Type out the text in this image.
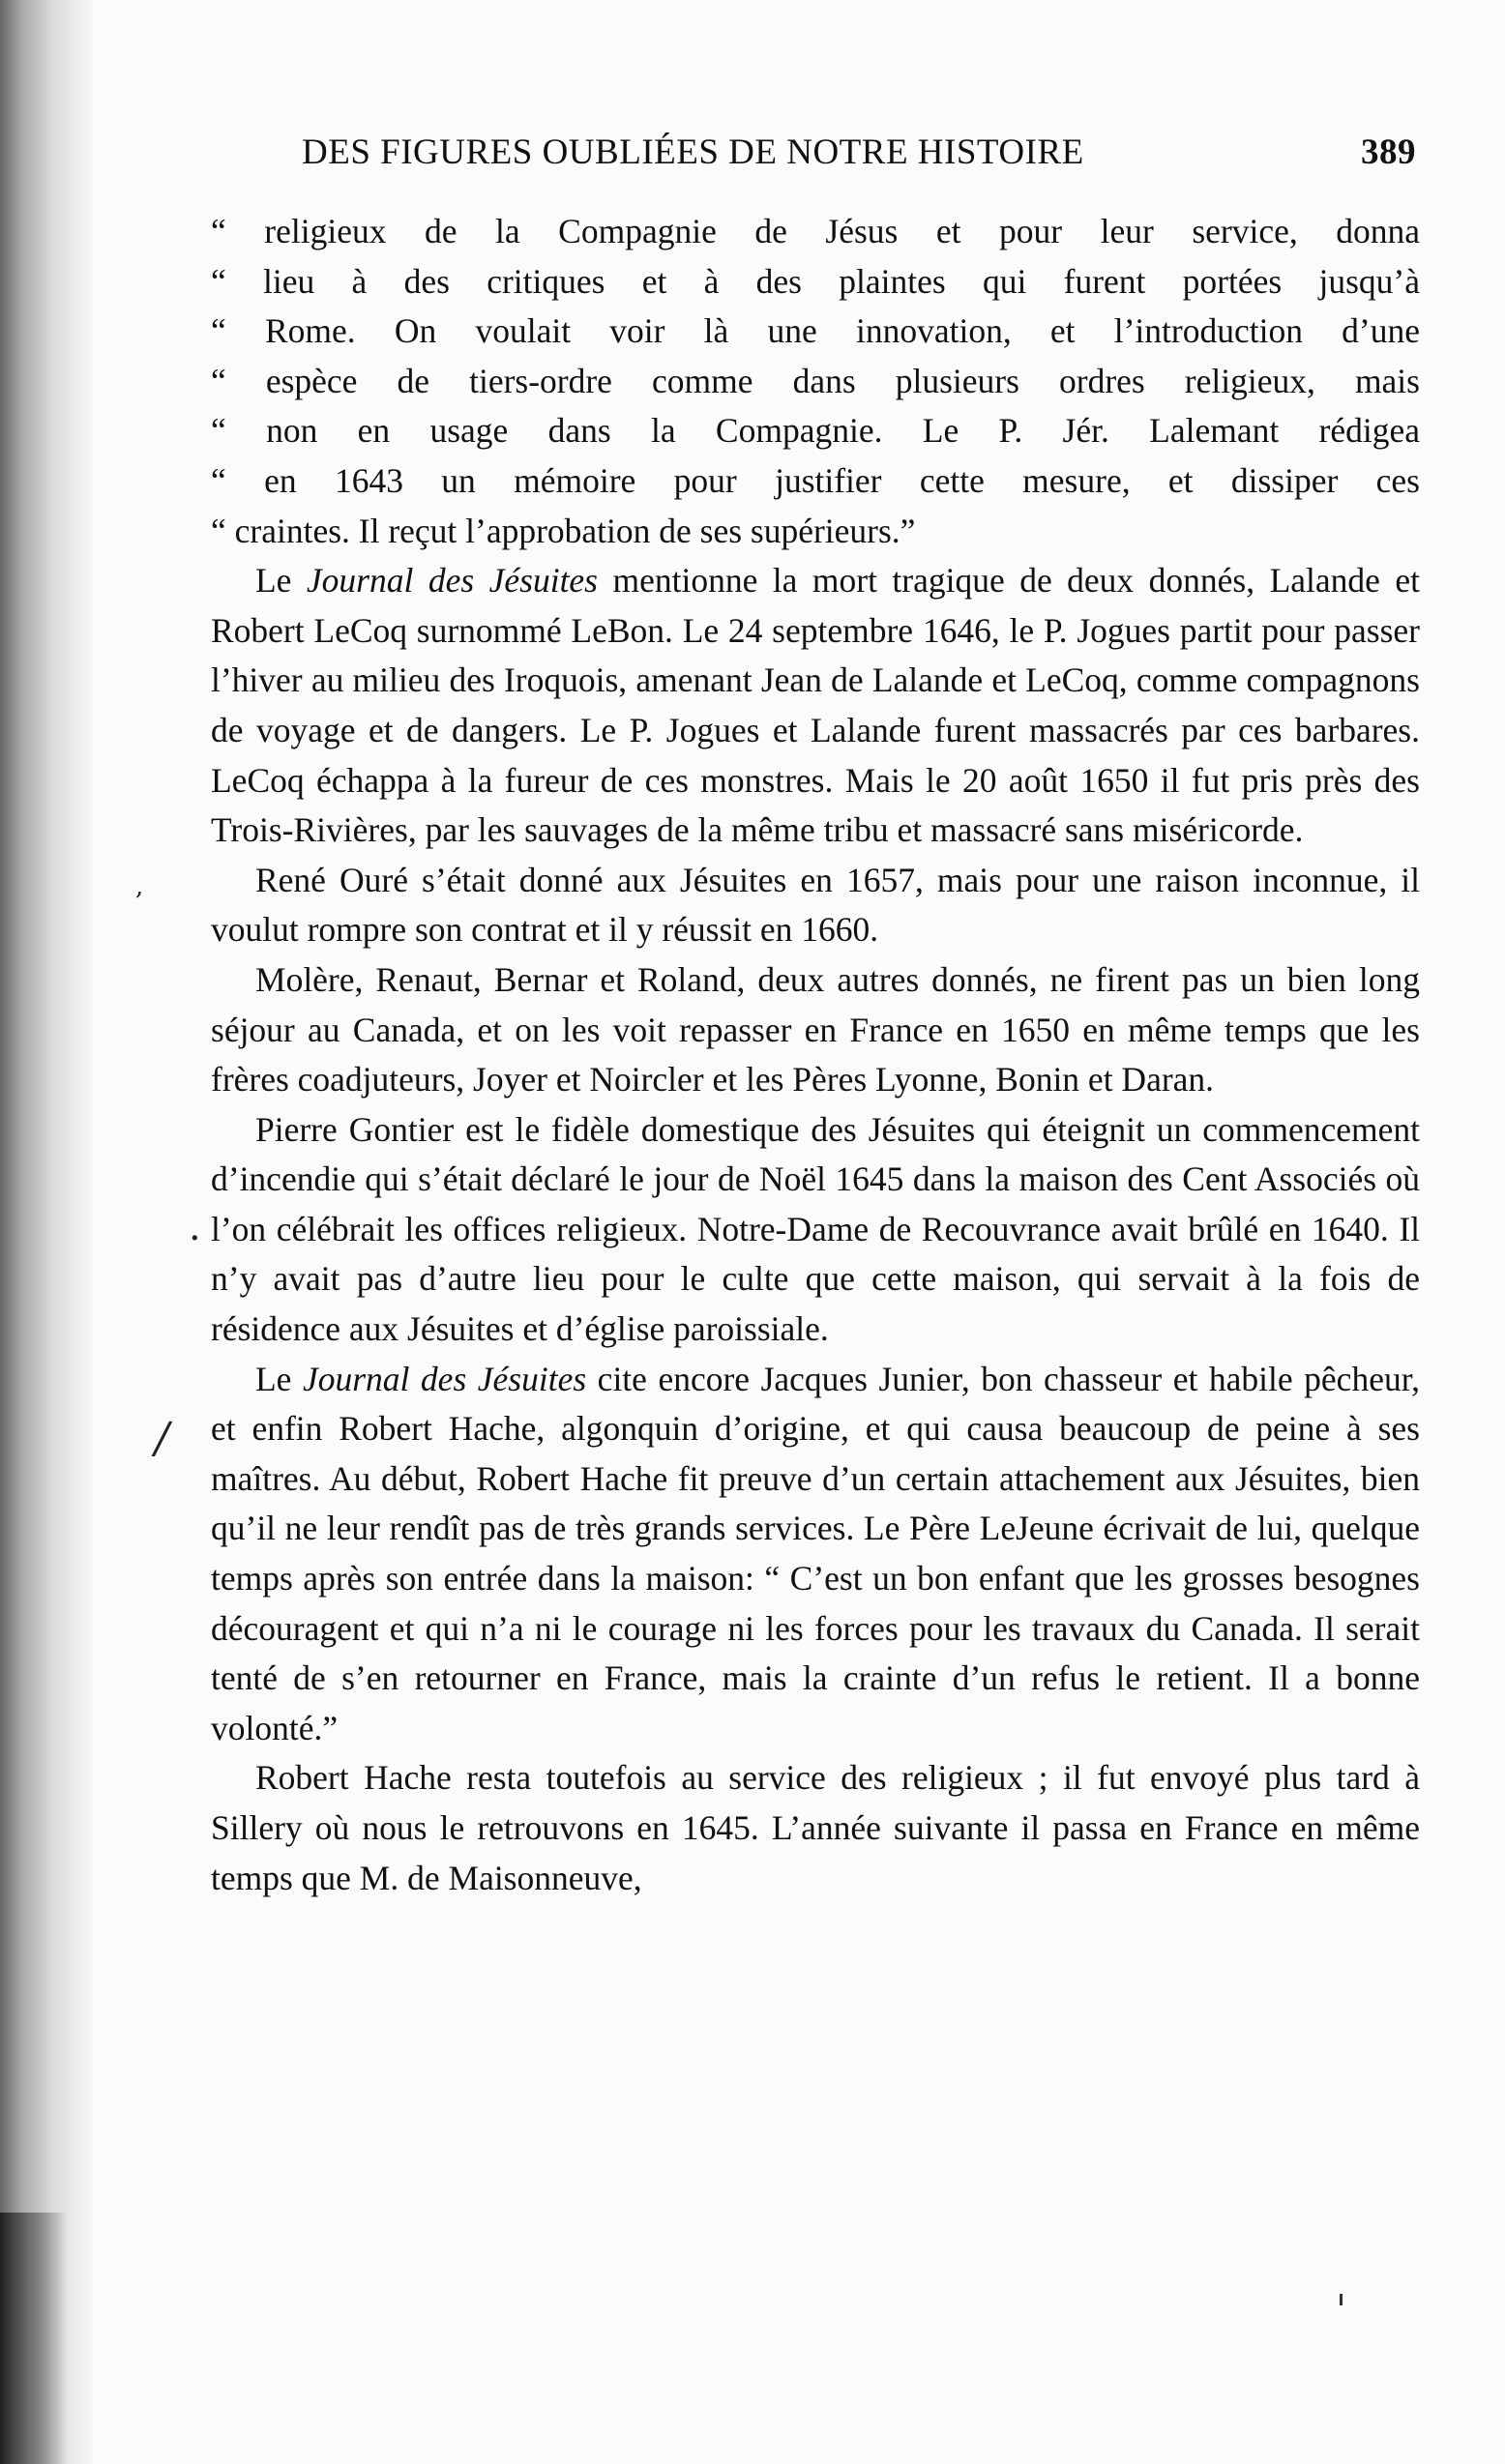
DES FIGURES OUBLIÉES DE NOTRE HISTOIRE	389
“ religieux de la Compagnie de Jésus et pour leur service, donna
“ lieu à des critiques et à des plaintes qui furent portées jusqu’à
“ Rome. On voulait voir là une innovation, et l’introduction d’une
“ espèce de tiers-ordre comme dans plusieurs ordres religieux, mais
“ non en usage dans la Compagnie. Le P. Jér. Lalemant rédigea
“ en 1643 un mémoire pour justifier cette mesure, et dissiper ces
“ craintes. Il reçut l’approbation de ses supérieurs.”

Le Journal des Jésuites mentionne la mort tragique de deux donnés, Lalande et Robert LeCoq surnommé LeBon. Le 24 septembre 1646, le P. Jogues partit pour passer l’hiver au milieu des Iroquois, amenant Jean de Lalande et LeCoq, comme compagnons de voyage et de dangers. Le P. Jogues et Lalande furent massacrés par ces barbares. LeCoq échappa à la fureur de ces monstres. Mais le 20 août 1650 il fut pris près des Trois-Rivières, par les sauvages de la même tribu et massacré sans miséricorde.

René Ouré s’était donné aux Jésuites en 1657, mais pour une raison inconnue, il voulut rompre son contrat et il y réussit en 1660.

Molère, Renaut, Bernar et Roland, deux autres donnés, ne firent pas un bien long séjour au Canada, et on les voit repasser en France en 1650 en même temps que les frères coadjuteurs, Joyer et Noircler et les Pères Lyonne, Bonin et Daran.

Pierre Gontier est le fidèle domestique des Jésuites qui éteignit un commencement d’incendie qui s’était déclaré le jour de Noël 1645 dans la maison des Cent Associés où l’on célébrait les offices religieux. Notre-Dame de Recouvrance avait brûlé en 1640. Il n’y avait pas d’autre lieu pour le culte que cette maison, qui servait à la fois de résidence aux Jésuites et d’église paroissiale.

Le Journal des Jésuites cite encore Jacques Junier, bon chasseur et habile pêcheur, et enfin Robert Hache, algonquin d’origine, et qui causa beaucoup de peine à ses maîtres. Au début, Robert Hache fit preuve d’un certain attachement aux Jésuites, bien qu’il ne leur rendît pas de très grands services. Le Père LeJeune écrivait de lui, quelque temps après son entrée dans la maison: “ C’est un bon enfant que les grosses besognes découragent et qui n’a ni le courage ni les forces pour les travaux du Canada. Il serait tenté de s’en retourner en France, mais la crainte d’un refus le retient. Il a bonne volonté.”

Robert Hache resta toutefois au service des religieux ; il fut envoyé plus tard à Sillery où nous le retrouvons en 1645. L’année suivante il passa en France en même temps que M. de Maisonneuve,

,
·
/
